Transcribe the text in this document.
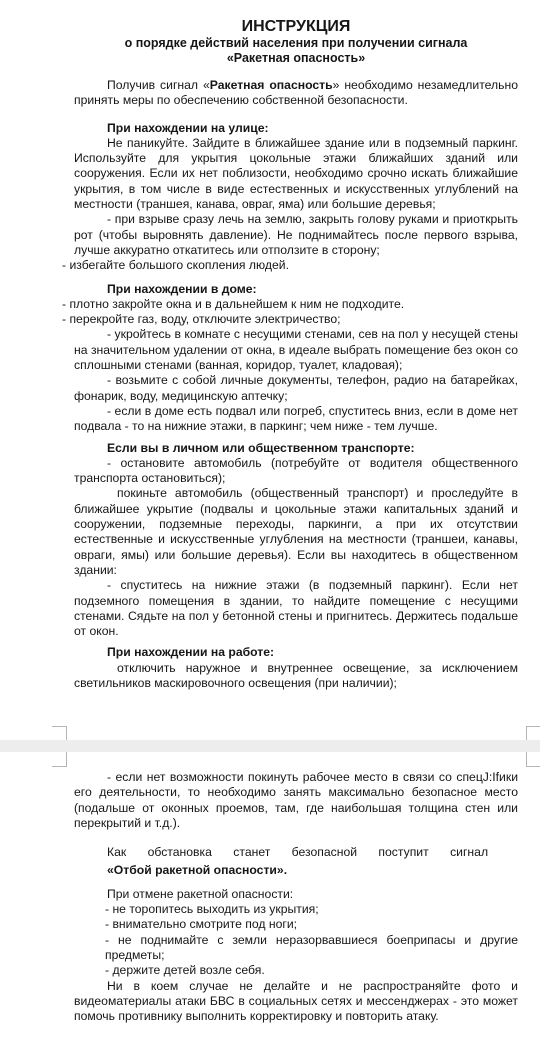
ИНСТРУКЦИЯ

о порядке действий населения при получении сигнала

«Ракетная опасность»

Получив сигнал «Ракетная опасность» необходимо незамедлительно принять меры по обеспечению собственной безопасности.

При нахождении на улице:

Не паникуйте. Зайдите в ближайшее здание или в подземный паркинг. Используйте для укрытия цокольные этажи ближайших зданий или сооружения. Если их нет поблизости, необходимо срочно искать ближайшие укрытия, в том числе в виде естественных и искусственных углублений на местности (траншея, канава, овраг, яма) или большие деревья;

- при взрыве сразу лечь на землю, закрыть голову руками и приоткрыть рот (чтобы выровнять давление). Не поднимайтесь после первого взрыва, лучше аккуратно откатитесь или отползите в сторону;

- избегайте большого скопления людей.

При нахождении в доме:

- плотно закройте окна и в дальнейшем к ним не подходите.

- перекройте газ, воду, отключите электричество;

- укройтесь в комнате с несущими стенами, сев на пол у несущей стены на значительном удалении от окна, в идеале выбрать помещение без окон со сплошными стенами (ванная, коридор, туалет, кладовая);

- возьмите с собой личные документы, телефон, радио на батарейках, фонарик, воду, медицинскую аптечку;

- если в доме есть подвал или погреб, спуститесь вниз, если в доме нет подвала - то на нижние этажи, в паркинг; чем ниже - тем лучше.

Если вы в личном или общественном транспорте:

- остановите автомобиль (потребуйте от водителя общественного транспорта остановиться);

покиньте автомобиль (общественный транспорт) и проследуйте в ближайшее укрытие (подвалы и цокольные этажи капитальных зданий и сооружении, подземные переходы, паркинги, а при их отсутствии естественные и искусственные углубления на местности (траншеи, канавы, овраги, ямы) или большие деревья). Если вы находитесь в общественном здании:

- спуститесь на нижние этажи (в подземный паркинг). Если нет подземного помещения в здании, то найдите помещение с несущими стенами. Сядьте на пол у бетонной стены и пригнитесь. Держитесь подальше от окон.

При нахождении на работе:

отключить наружное и внутреннее освещение, за исключением светильников маскировочного освещения (при наличии);

- если нет возможности покинуть рабочее место в связи со спецJ:Ifики его деятельности, то необходимо занять максимально безопасное место (подальше от оконных проемов, там, где наибольшая толщина стен или перекрытий и т.д.).

Как обстановка станет безопасной поступит сигнал

«Отбой ракетной опасности».

При отмене ракетной опасности:

- не торопитесь выходить из укрытия;

- внимательно смотрите под ноги;

- не поднимайте с земли неразорвавшиеся боеприпасы и другие предметы;

- держите детей возле себя.

Ни в коем случае не делайте и не распространяйте фото и видеоматериалы атаки БВС в социальных сетях и мессенджерах - это может помочь противнику выполнить корректировку и повторить атаку.
